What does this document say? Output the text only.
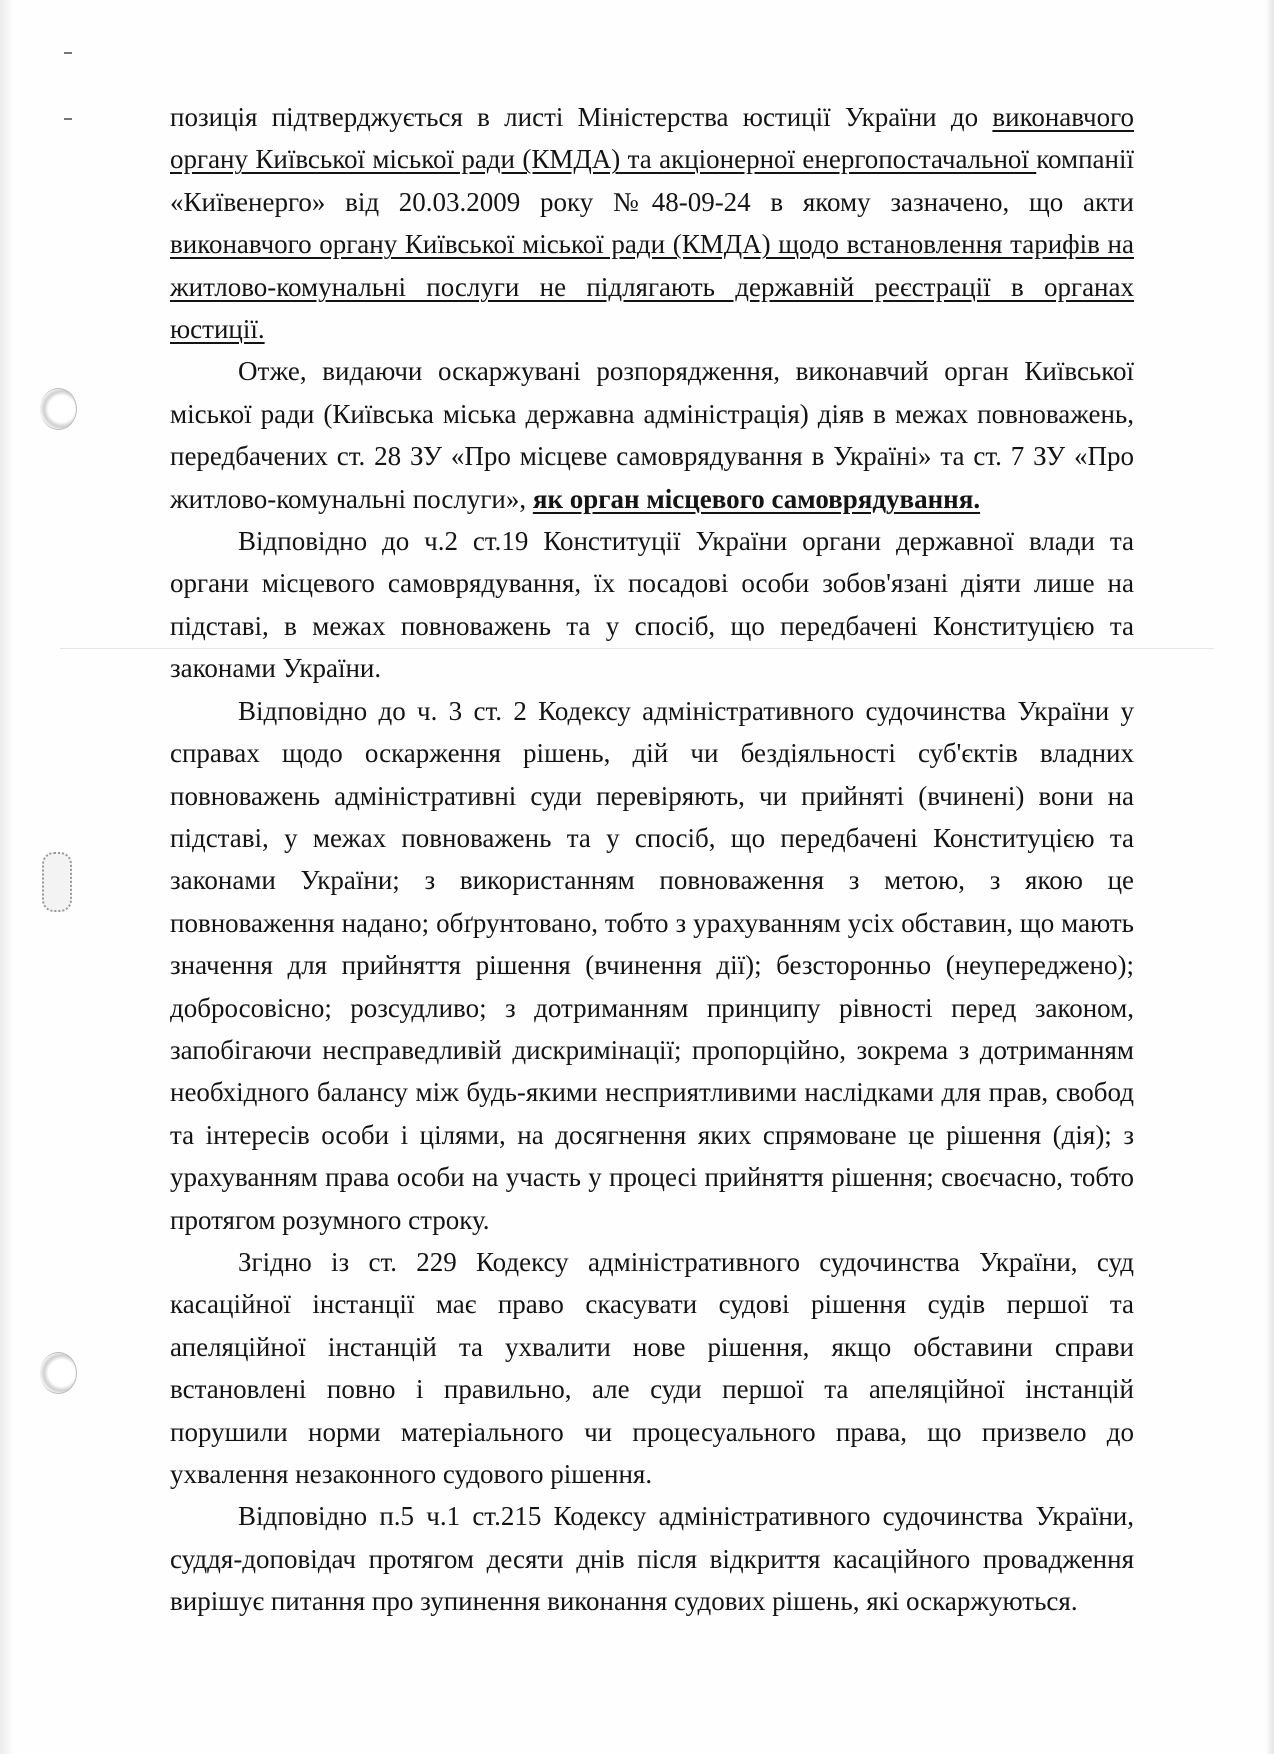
позиція підтверджується в листі Міністерства юстиції України до виконавчого органу Київської міської ради (КМДА) та акціонерної енергопостачальної компанії «Київенерго» від 20.03.2009 року №48-09-24 в якому зазначено, що акти виконавчого органу Київської міської ради (КМДА) щодо встановлення тарифів на житлово-комунальні послуги не підлягають державній реєстрації в органах юстиції.

Отже, видаючи оскаржувані розпорядження, виконавчий орган Київської міської ради (Київська міська державна адміністрація) діяв в межах повноважень, передбачених ст. 28 ЗУ «Про місцеве самоврядування в Україні» та ст. 7 ЗУ «Про житлово-комунальні послуги», як орган місцевого самоврядування.

Відповідно до ч.2 ст.19 Конституції України органи державної влади та органи місцевого самоврядування, їх посадові особи зобов'язані діяти лише на підставі, в межах повноважень та у спосіб, що передбачені Конституцією та законами України.

Відповідно до ч. 3 ст. 2 Кодексу адміністративного судочинства України у справах щодо оскарження рішень, дій чи бездіяльності суб'єктів владних повноважень адміністративні суди перевіряють, чи прийняті (вчинені) вони на підставі, у межах повноважень та у спосіб, що передбачені Конституцією та законами України; з використанням повноваження з метою, з якою це повноваження надано; обґрунтовано, тобто з урахуванням усіх обставин, що мають значення для прийняття рішення (вчинення дії); безсторонньо (неупереджено); добросовісно; розсудливо; з дотриманням принципу рівності перед законом, запобігаючи несправедливій дискримінації; пропорційно, зокрема з дотриманням необхідного балансу між будь-якими несприятливими наслідками для прав, свобод та інтересів особи і цілями, на досягнення яких спрямоване це рішення (дія); з урахуванням права особи на участь у процесі прийняття рішення; своєчасно, тобто протягом розумного строку.

Згідно із ст. 229 Кодексу адміністративного судочинства України, суд касаційної інстанції має право скасувати судові рішення судів першої та апеляційної інстанцій та ухвалити нове рішення, якщо обставини справи встановлені повно і правильно, але суди першої та апеляційної інстанцій порушили норми матеріального чи процесуального права, що призвело до ухвалення незаконного судового рішення.

Відповідно п.5 ч.1 ст.215 Кодексу адміністративного судочинства України, суддя-доповідач протягом десяти днів після відкриття касаційного провадження вирішує питання про зупинення виконання судових рішень, які оскаржуються.
